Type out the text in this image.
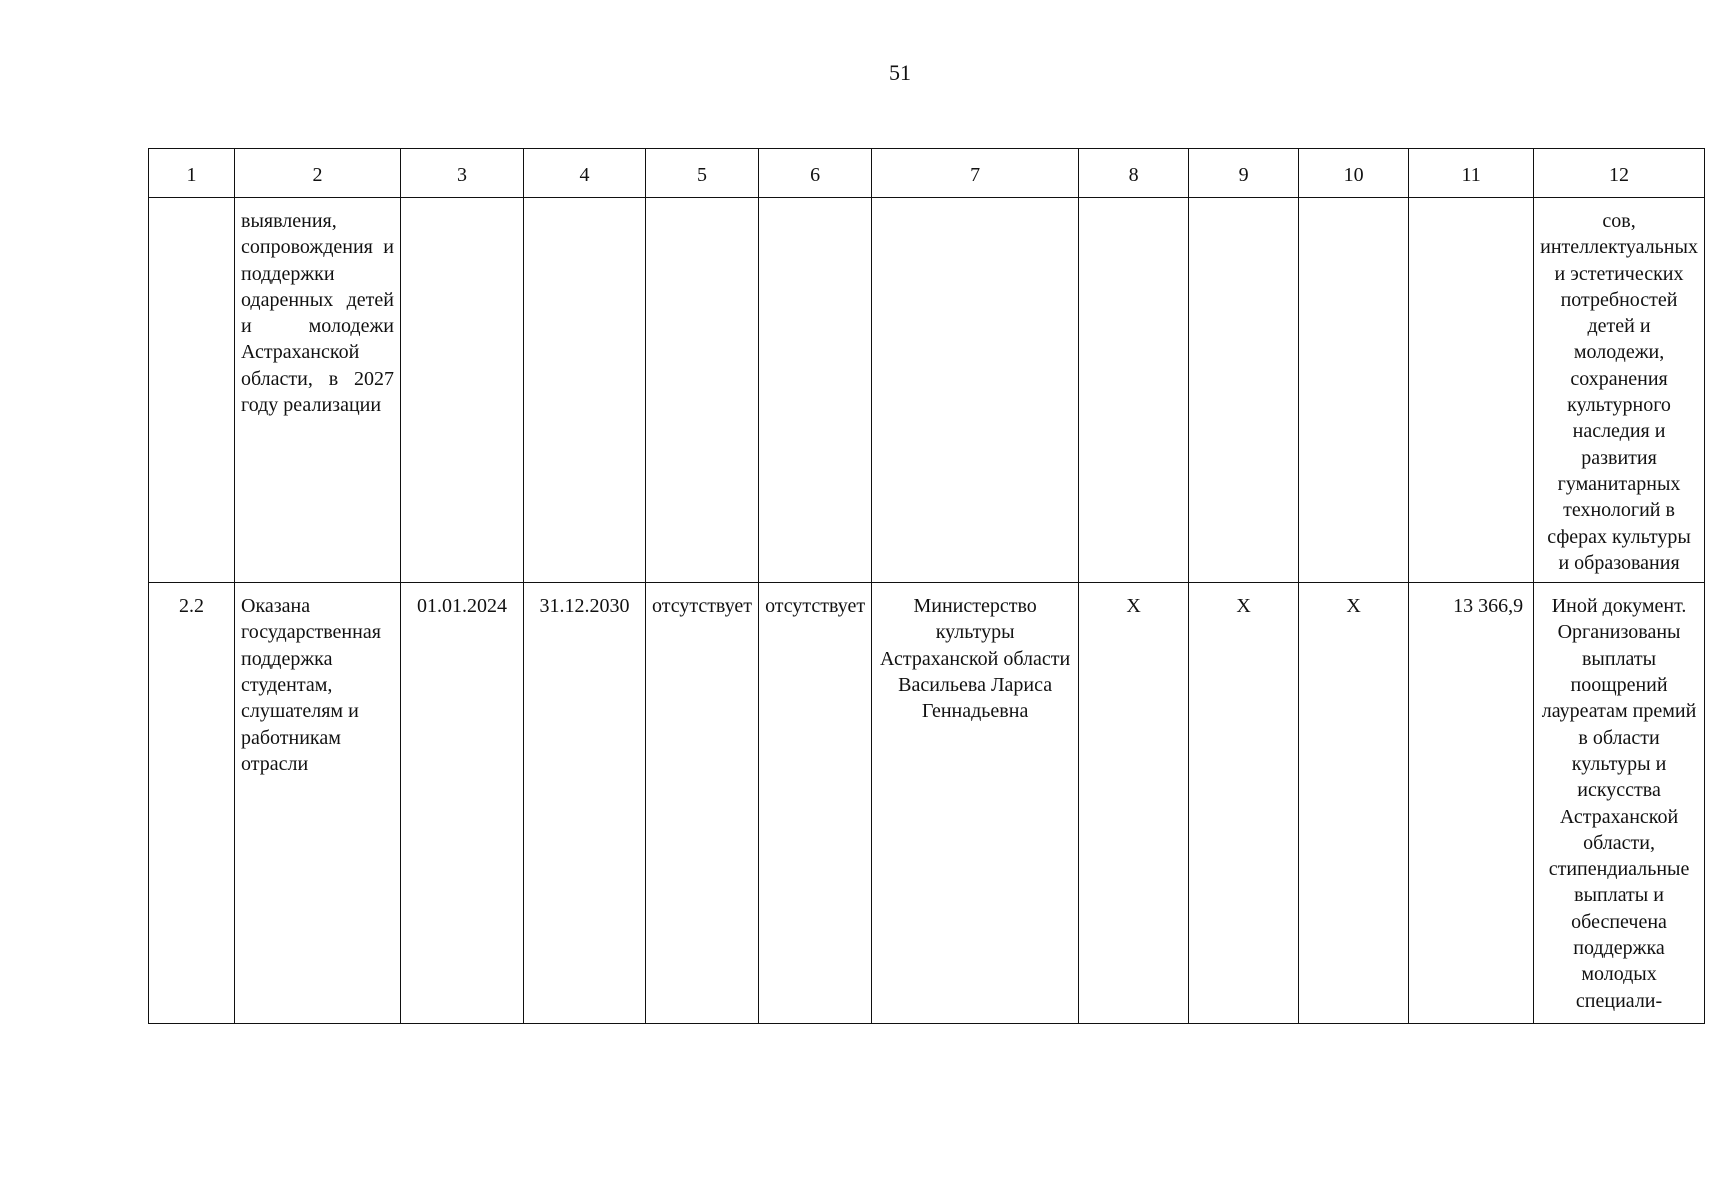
51
1	2	3	4	5	6	7	8	9	10	11	12
	выявления, сопровождения и поддержки одаренных детей и молодежи Астраханской области, в 2027 году реализации										сов, интеллектуальных и эстетических потребностей детей и молодежи, сохранения культурного наследия и развития гуманитарных технологий в сферах культуры и образования
2.2	Оказана государственная поддержка студентам, слушателям и работникам отрасли	01.01.2024	31.12.2030	отсутствует	отсутствует	Министерство культуры Астраханской области Васильева Лариса Геннадьевна	X	X	X	13 366,9	Иной документ. Организованы выплаты поощрений лауреатам премий в области культуры и искусства Астраханской области, стипендиальные выплаты и обеспечена поддержка молодых специали-
